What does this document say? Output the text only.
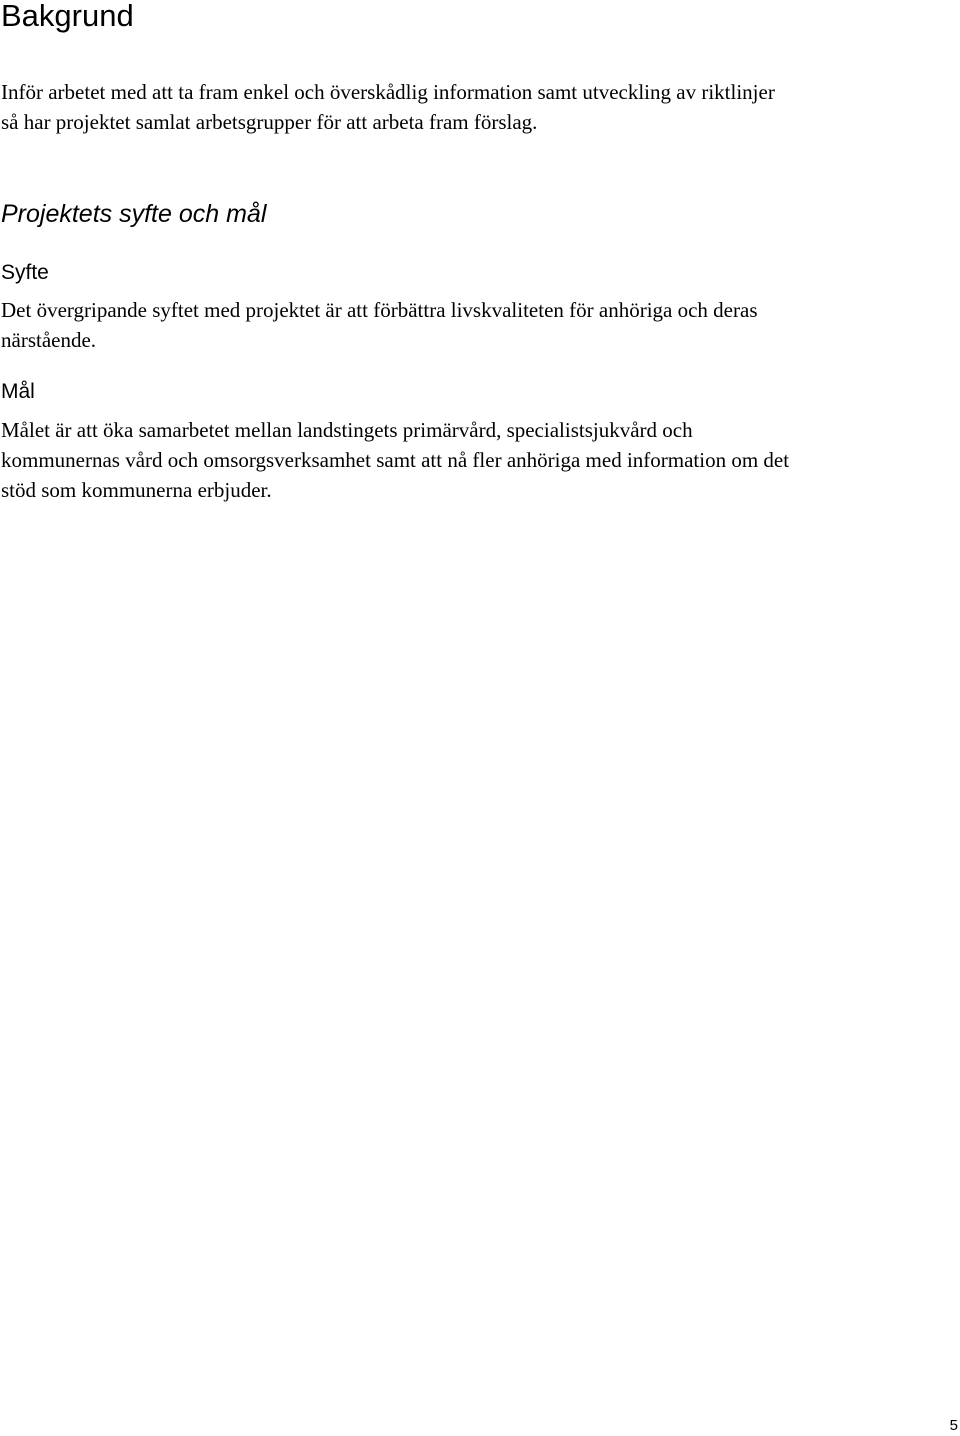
Bakgrund

Inför arbetet med att ta fram enkel och överskådlig information samt utveckling av riktlinjer
så har projektet samlat arbetsgrupper för att arbeta fram förslag.

Projektets syfte och mål
Syfte

Det övergripande syftet med projektet är att förbättra livskvaliteten för anhöriga och deras
närstående.

Mål

Målet är att öka samarbetet mellan landstingets primärvård, specialistsjukvård och
kommunernas vård och omsorgsverksamhet samt att nå fler anhöriga med information om det
stöd som kommunerna erbjuder.

5
